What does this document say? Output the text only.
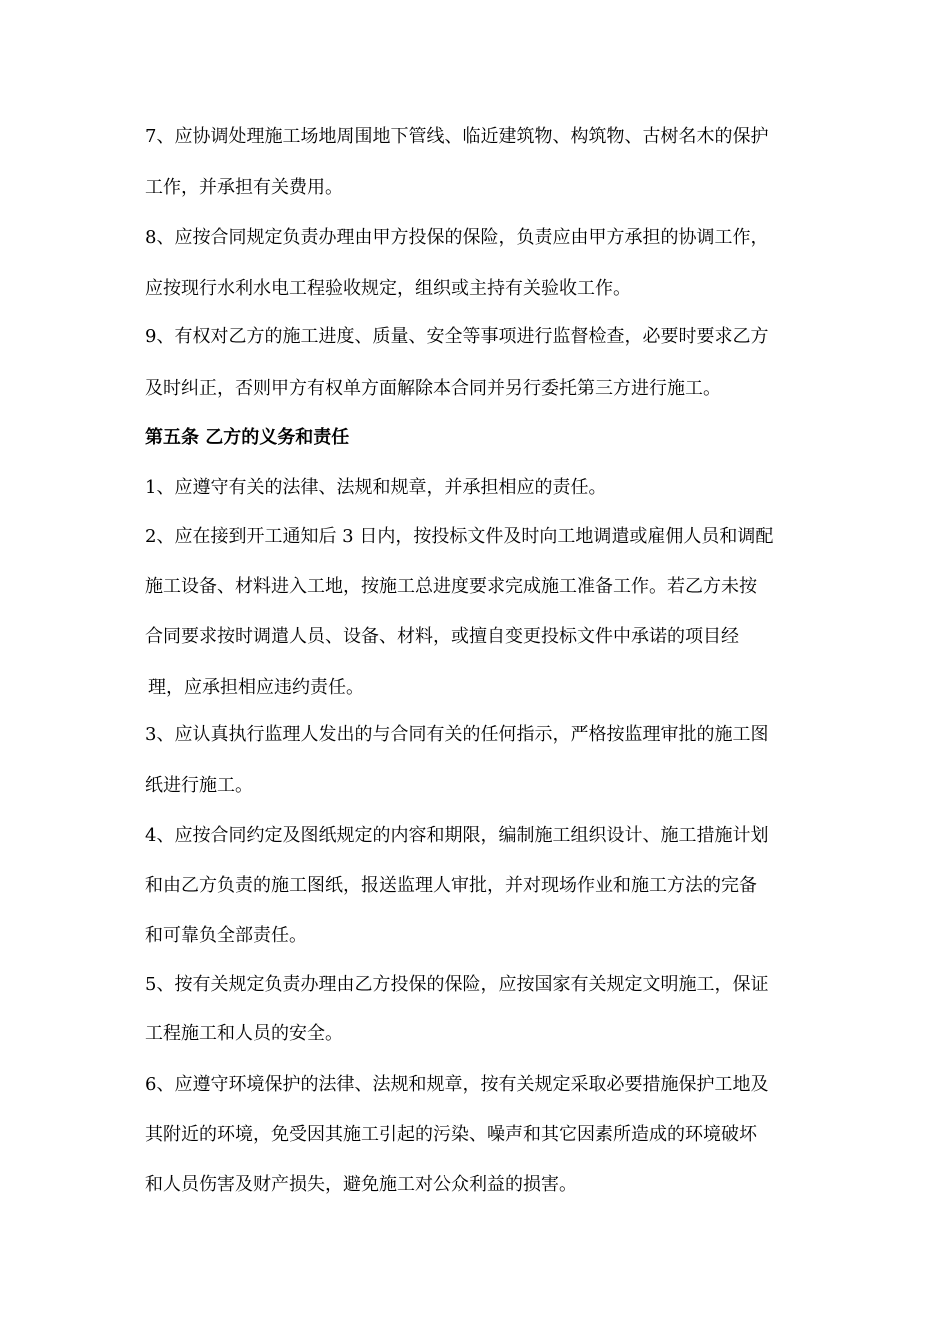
7、应协调处理施工场地周围地下管线、临近建筑物、构筑物、古树名木的保护
工作，并承担有关费用。
8、应按合同规定负责办理由甲方投保的保险，负责应由甲方承担的协调工作，
应按现行水利水电工程验收规定，组织或主持有关验收工作。
9、有权对乙方的施工进度、质量、安全等事项进行监督检查，必要时要求乙方
及时纠正，否则甲方有权单方面解除本合同并另行委托第三方进行施工。
第五条 乙方的义务和责任
1、应遵守有关的法律、法规和规章，并承担相应的责任。
2、应在接到开工通知后 3 日内，按投标文件及时向工地调遣或雇佣人员和调配
施工设备、材料进入工地，按施工总进度要求完成施工准备工作。若乙方未按
合同要求按时调遣人员、设备、材料，或擅自变更投标文件中承诺的项目经
理，应承担相应违约责任。
3、应认真执行监理人发出的与合同有关的任何指示，严格按监理审批的施工图
纸进行施工。
4、应按合同约定及图纸规定的内容和期限，编制施工组织设计、施工措施计划
和由乙方负责的施工图纸，报送监理人审批，并对现场作业和施工方法的完备
和可靠负全部责任。
5、按有关规定负责办理由乙方投保的保险，应按国家有关规定文明施工，保证
工程施工和人员的安全。
6、应遵守环境保护的法律、法规和规章，按有关规定采取必要措施保护工地及
其附近的环境，免受因其施工引起的污染、噪声和其它因素所造成的环境破坏
和人员伤害及财产损失，避免施工对公众利益的损害。
